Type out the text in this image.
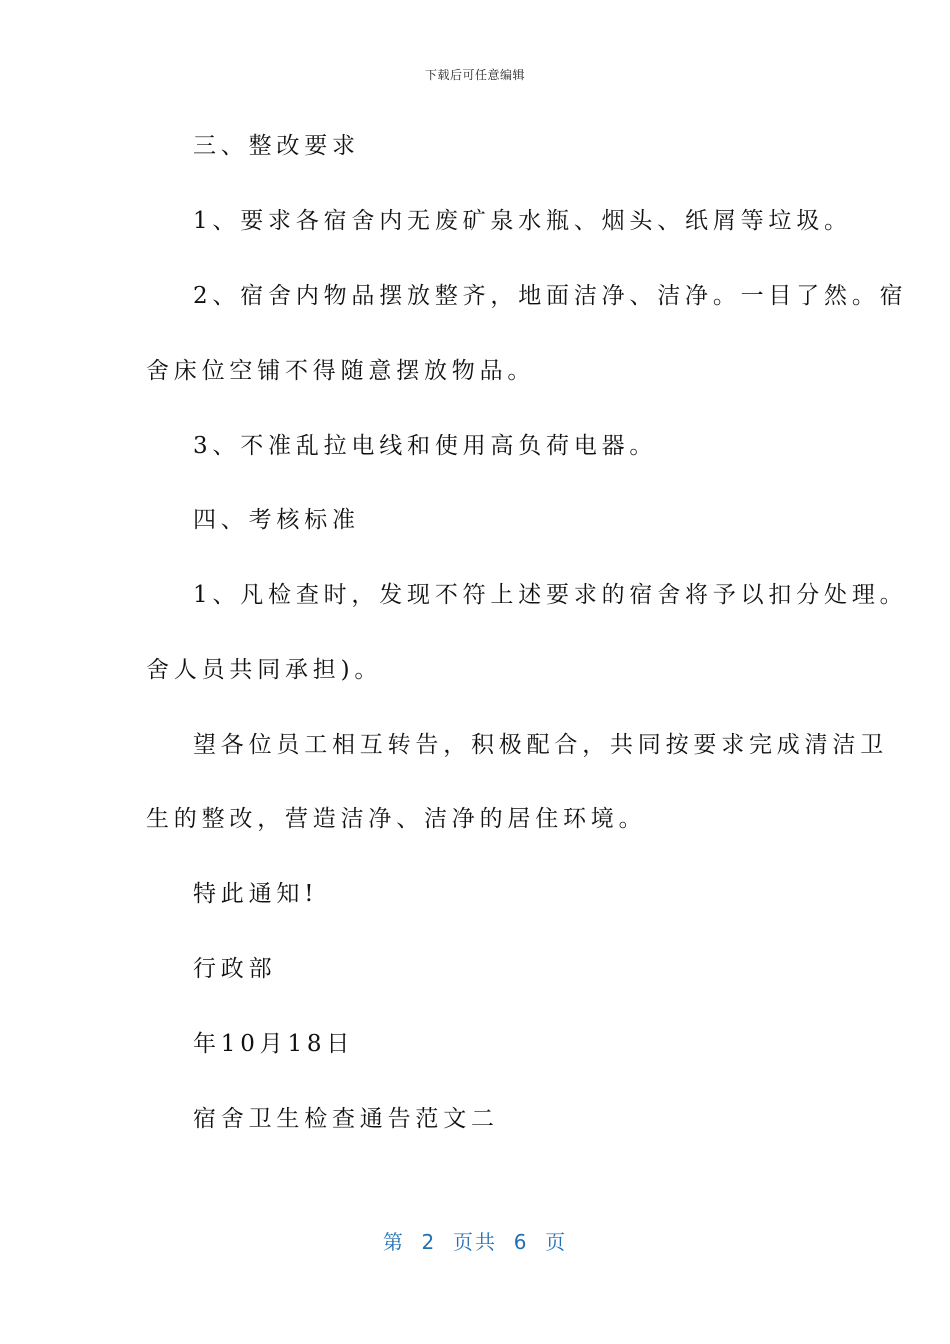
下载后可任意编辑
三、整改要求
1、要求各宿舍内无废矿泉水瓶、烟头、纸屑等垃圾。
2、宿舍内物品摆放整齐，地面洁净、洁净。一目了然。宿
舍床位空铺不得随意摆放物品。
3、不准乱拉电线和使用高负荷电器。
四、考核标准
1、凡检查时，发现不符上述要求的宿舍将予以扣分处理。
舍人员共同承担)。
望各位员工相互转告，积极配合，共同按要求完成清洁卫
生的整改，营造洁净、洁净的居住环境。
特此通知!
行政部
年10月18日
宿舍卫生检查通告范文二
第  2  页共  6  页
